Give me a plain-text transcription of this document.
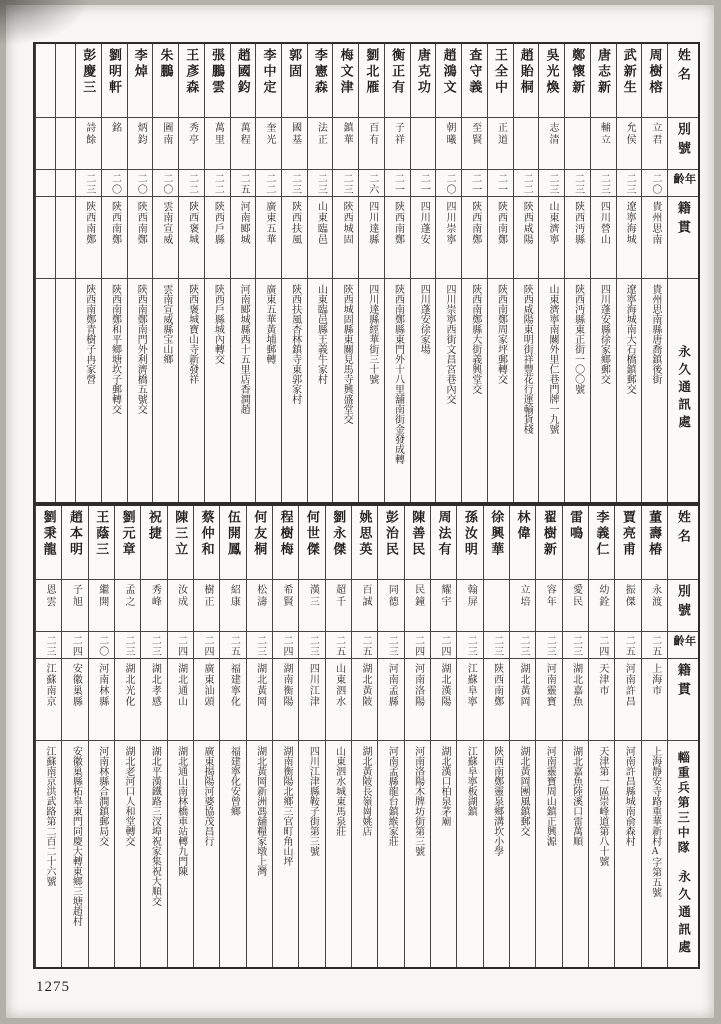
姓名
別號
年齡
籍貫
永久通訊處
周樹榕
立君
二〇
貴州思南
貴州思南縣唐喬鎮後街
武新生
允侯
二三
遼寧海城
遼寧海城南大石橋鎮郵交
唐志新
輔立
二三
四川營山
四川蓬安縣徐家鄉郵交
鄭懷新
二三
陝西沔縣
陝西沔縣東正街一〇〇號
吳光煥
志清
二三
山東濟寧
山東濟寧南關外里仁巷門牌一九號
趙貽桐
二二
陝西咸陽
陝西咸陽東明街祥豐花行運輸貨棧
王全中
正道
二一
陝西南鄭
陝西南鄭周家坪郵轉交
查守義
至賢
二一
陝西南鄭
陝西南鄭縣大街義興堂交
趙鴻文
朝曦
二〇
四川崇寧
四川崇寧西街文昌宮巷內交
唐克功
二一
四川蓬安
四川蓬安徐家場
衡正有
子祥
二一
陝西南鄭
陝西南鄭縣東門外十八里舖南街金發成轉
劉北雁
百有
二六
四川達縣
四川達縣經華街三十號
梅文津
鎮華
二三
陝西城固
陝西城固縣東關見馬寺興盛堂交
李憲森
法正
二三
山東臨邑
山東臨邑縣王義牛家村
郭固
國基
二三
陝西扶風
陝西扶風杏林鎮寺東郭家村
李中定
奎光
二二
廣東五華
廣東五華黃埔郵轉
趙國鈞
萬程
二五
河南郾城
河南郾城縣西十五里店香澗趙
張鵬雲
萬里
二二
陝西戶縣
陝西戶縣城內轉交
王彥森
秀亭
二二
陝西褒城
陝西褒城寶山寺新發祥
朱鵬
圖南
二〇
雲南宣威
雲南宣威縣宝山鄉
李焯
炳鈞
二〇
陝西南鄭
陝西南鄭南門外利濟橋五號交
劉明軒
銘
二〇
陝西南鄭
陝西南鄭和平鄉塘坎子郵轉交
彭慶三
詩餘
二三
陝西南鄭
陝西南鄭青樹子冉家營
姓名
別號
年齡
籍貫
輜重兵第三中隊
永久通訊處
董壽椿
永渡
二五
上海市
上海靜安寺路重華新村A字第五號
賈亮甫
振傑
二五
河南許昌
河南許昌縣城南俞森村
李義仁
幼銓
二四
天津市
天津第一區崇峰道第八十號
雷鳴
愛民
二三
湖北嘉魚
湖北嘉魚陸溪口雷萬順
翟樹新
容年
二三
河南靈寶
河南靈寶周山鎮正興源
林偉
立培
二三
湖北黃岡
湖北黃岡團風鎮郵交
徐興華
二三
陝西南鄭
陝西南鄭靈泉鄉溝坎小學
孫汝明
翰屏
二三
江蘇阜寧
江蘇阜寧板湖鎮
周法有
耀宇
二四
湖北漢陽
湖北漢口柏泉茅廟
陳善民
民鐘
二四
河南洛陽
河南洛陽木牌坊街第三號
彭治民
同德
二三
河南孟縣
河南孟縣龍台鎮緱家莊
姚思英
百誠
二五
湖北黃陂
湖北黃陂長嶺崗姚店
劉永傑
超千
二五
山東泗水
山東泗水城東馬泉莊
何世傑
漢三
二三
四川江津
四川江津縣鞍子街第三號
程樹梅
希賢
二四
湖南衡陽
湖南衡陽北鄉三官町角山坪
何友桐
松濤
二三
湖北黃岡
湖北黃岡新洲馮舖糧家墩上灣
伍開鳳
紹康
二五
福建寧化
福建寧化安曾鄉
蔡仲和
樹正
二四
廣東汕頭
廣東揭陽河婆協茂昌行
陳三立
汝成
二四
湖北通山
湖北通山南林橋車站轉九門陳
祝捷
秀峰
二三
湖北孝感
湖北平漢鐵路三汊埠祝家集祝大順交
劉元章
孟之
二三
湖北光化
湖北老河口人和堂轉交
王蔭三
繼開
二〇
河南林縣
河南林縣合澗鎮郵局交
趙本明
子旭
二四
安徽巢縣
安徽巢縣柘皋東門同慶大轉東鄉三塘趙村
劉秉龍
恩雲
二三
江蘇南京
江蘇南京洪武路第二百二十六號
1275
